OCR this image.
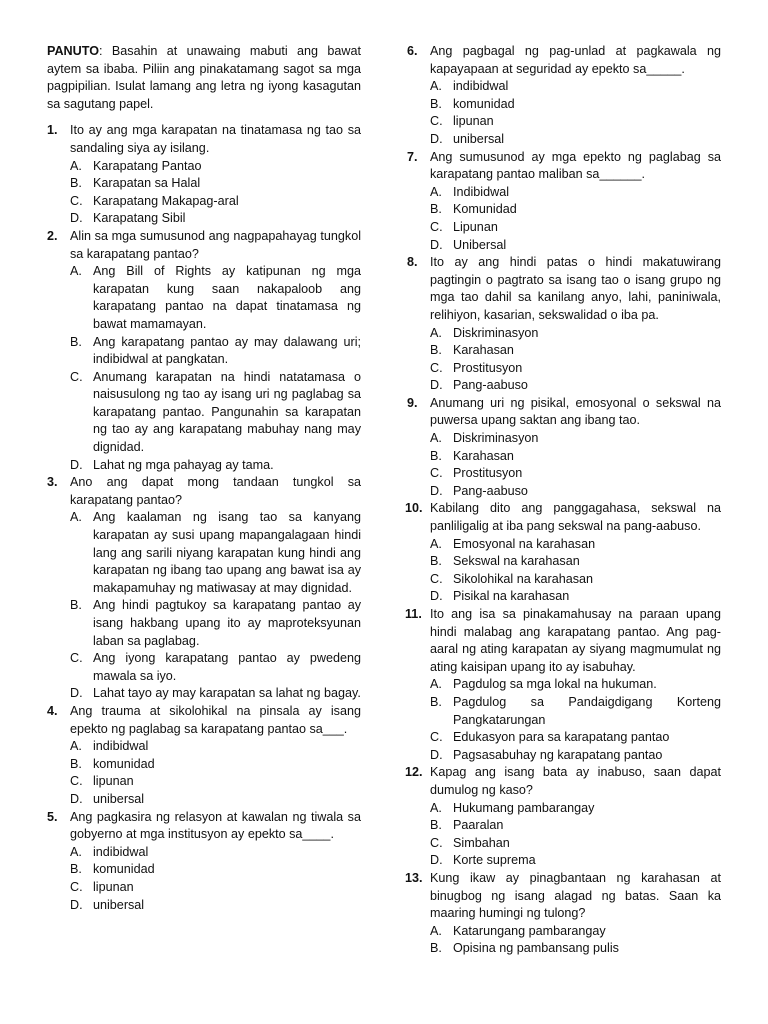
PANUTO: Basahin at unawaing mabuti ang bawat aytem sa ibaba. Piliin ang pinakatamang sagot sa mga pagpipilian. Isulat lamang ang letra ng iyong kasagutan sa sagutang papel.
1. Ito ay ang mga karapatan na tinatamasa ng tao sa sandaling siya ay isilang.
A. Karapatang Pantao
B. Karapatan sa Halal
C. Karapatang Makapag-aral
D. Karapatang Sibil
2. Alin sa mga sumusunod ang nagpapahayag tungkol sa karapatang pantao?
A. Ang Bill of Rights ay katipunan ng mga karapatan kung saan nakapaloob ang karapatang pantao na dapat tinatamasa ng bawat mamamayan.
B. Ang karapatang pantao ay may dalawang uri; indibidwal at pangkatan.
C. Anumang karapatan na hindi natatamasa o naisusulong ng tao ay isang uri ng paglabag sa karapatang pantao. Pangunahin sa karapatan ng tao ay ang karapatang mabuhay nang may dignidad.
D. Lahat ng mga pahayag ay tama.
3. Ano ang dapat mong tandaan tungkol sa karapatang pantao?
A. Ang kaalaman ng isang tao sa kanyang karapatan ay susi upang mapangalagaan hindi lang ang sarili niyang karapatan kung hindi ang karapatan ng ibang tao upang ang bawat isa ay makapamuhay ng matiwasay at may dignidad.
B. Ang hindi pagtukoy sa karapatang pantao ay isang hakbang upang ito ay maproteksyunan laban sa paglabag.
C. Ang iyong karapatang pantao ay pwedeng mawala sa iyo.
D. Lahat tayo ay may karapatan sa lahat ng bagay.
4. Ang trauma at sikolohikal na pinsala ay isang epekto ng paglabag sa karapatang pantao sa___.
A. indibidwal
B. komunidad
C. lipunan
D. unibersal
5. Ang pagkasira ng relasyon at kawalan ng tiwala sa gobyerno at mga institusyon ay epekto sa____.
A. indibidwal
B. komunidad
C. lipunan
D. unibersal
6. Ang pagbagal ng pag-unlad at pagkawala ng kapayapaan at seguridad ay epekto sa_____.
A. indibidwal
B. komunidad
C. lipunan
D. unibersal
7. Ang sumusunod ay mga epekto ng paglabag sa karapatang pantao maliban sa______.
A. Indibidwal
B. Komunidad
C. Lipunan
D. Unibersal
8. Ito ay ang hindi patas o hindi makatuwirang pagtingin o pagtrato sa isang tao o isang grupo ng mga tao dahil sa kanilang anyo, lahi, paniniwala, relihiyon, kasarian, sekswalidad o iba pa.
A. Diskriminasyon
B. Karahasan
C. Prostitusyon
D. Pang-aabuso
9. Anumang uri ng pisikal, emosyonal o sekswal na puwersa upang saktan ang ibang tao.
A. Diskriminasyon
B. Karahasan
C. Prostitusyon
D. Pang-aabuso
10. Kabilang dito ang panggagahasa, sekswal na panliligalig at iba pang sekswal na pang-aabuso.
A. Emosyonal na karahasan
B. Sekswal na karahasan
C. Sikolohikal na karahasan
D. Pisikal na karahasan
11. Ito ang isa sa pinakamahusay na paraan upang hindi malabag ang karapatang pantao. Ang pag-aaral ng ating karapatan ay siyang magmumulat ng ating kaisipan upang ito ay isabuhay.
A. Pagdulog sa mga lokal na hukuman.
B. Pagdulog sa Pandaigdigang Korteng Pangkatarungan
C. Edukasyon para sa karapatang pantao
D. Pagsasabuhay ng karapatang pantao
12. Kapag ang isang bata ay inabuso, saan dapat dumulog ng kaso?
A. Hukumang pambarangay
B. Paaralan
C. Simbahan
D. Korte suprema
13. Kung ikaw ay pinagbantaan ng karahasan at binugbog ng isang alagad ng batas. Saan ka maaring humingi ng tulong?
A. Katarungang pambarangay
B. Opisina ng pambansang pulis
